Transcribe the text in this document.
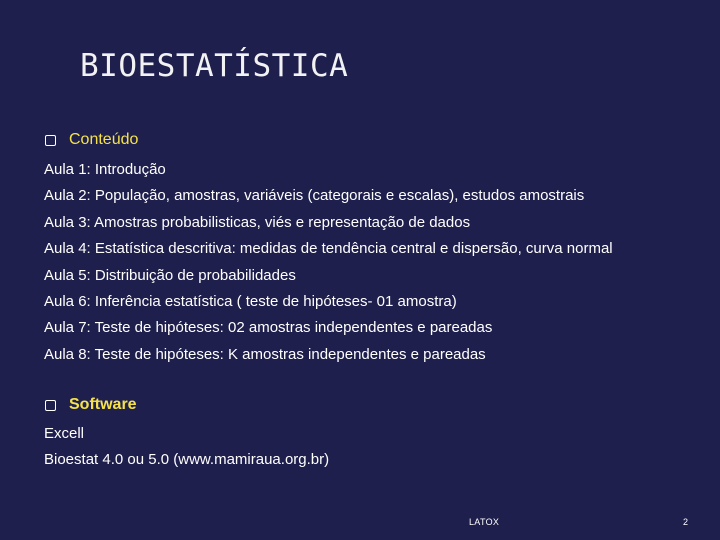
BIOESTATÍSTICA
Conteúdo
Aula 1: Introdução
Aula 2: População, amostras, variáveis (categorais e escalas), estudos amostrais
Aula 3: Amostras probabilisticas, viés e representação de dados
Aula 4: Estatística descritiva: medidas de tendência central e dispersão, curva normal
Aula 5: Distribuição de probabilidades
Aula 6: Inferência estatística ( teste de hipóteses- 01 amostra)
Aula 7: Teste de hipóteses: 02 amostras independentes e pareadas
Aula 8: Teste de hipóteses: K amostras independentes e pareadas
Software
Excell
Bioestat 4.0 ou 5.0 (www.mamiraua.org.br)
LATOX	2
